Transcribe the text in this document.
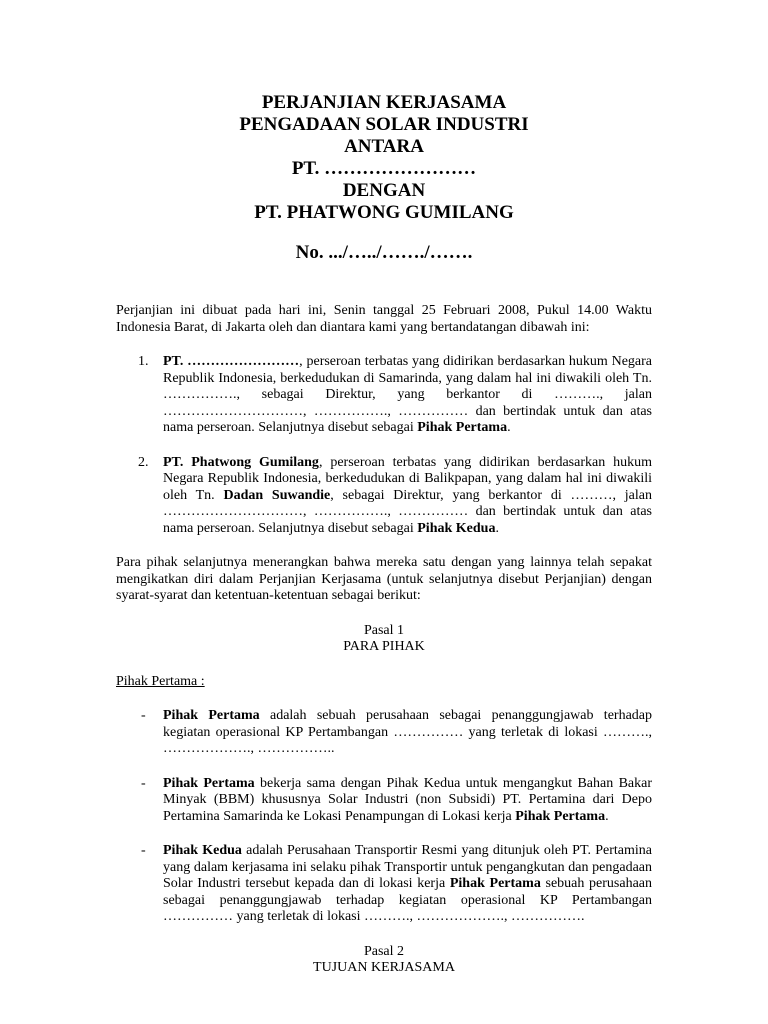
PERJANJIAN KERJASAMA
PENGADAAN SOLAR INDUSTRI
ANTARA
PT. ……………………
DENGAN
PT. PHATWONG GUMILANG
No. .../…../……./…….

Perjanjian ini dibuat pada hari ini, Senin tanggal 25 Februari 2008, Pukul 14.00 Waktu Indonesia Barat, di Jakarta oleh dan diantara kami yang bertandatangan dibawah ini:

1. PT. ……………………, perseroan terbatas yang didirikan berdasarkan hukum Negara Republik Indonesia, berkedudukan di Samarinda, yang dalam hal ini diwakili oleh Tn. ……………., sebagai Direktur, yang berkantor di ………., jalan …………………………, ……………., …………… dan bertindak untuk dan atas nama perseroan. Selanjutnya disebut sebagai Pihak Pertama.

2. PT. Phatwong Gumilang, perseroan terbatas yang didirikan berdasarkan hukum Negara Republik Indonesia, berkedudukan di Balikpapan, yang dalam hal ini diwakili oleh Tn. Dadan Suwandie, sebagai Direktur, yang berkantor di ………, jalan …………………………, ……………., …………… dan bertindak untuk dan atas nama perseroan. Selanjutnya disebut sebagai Pihak Kedua.

Para pihak selanjutnya menerangkan bahwa mereka satu dengan yang lainnya telah sepakat mengikatkan diri dalam Perjanjian Kerjasama (untuk selanjutnya disebut Perjanjian) dengan syarat-syarat dan ketentuan-ketentuan sebagai berikut:

Pasal 1
PARA PIHAK
Pihak Pertama :
- Pihak Pertama adalah sebuah perusahaan sebagai penanggungjawab terhadap kegiatan operasional KP Pertambangan …………… yang terletak di lokasi ………., ………………., ……………..

- Pihak Pertama bekerja sama dengan Pihak Kedua untuk mengangkut Bahan Bakar Minyak (BBM) khususnya Solar Industri (non Subsidi) PT. Pertamina dari Depo Pertamina Samarinda ke Lokasi Penampungan di Lokasi kerja Pihak Pertama.

- Pihak Kedua adalah Perusahaan Transportir Resmi yang ditunjuk oleh PT. Pertamina yang dalam kerjasama ini selaku pihak Transportir untuk pengangkutan dan pengadaan Solar Industri tersebut kepada dan di lokasi kerja Pihak Pertama sebuah perusahaan sebagai penanggungjawab terhadap kegiatan operasional KP Pertambangan …………… yang terletak di lokasi ………., ………………., …………….

Pasal 2
TUJUAN KERJASAMA
